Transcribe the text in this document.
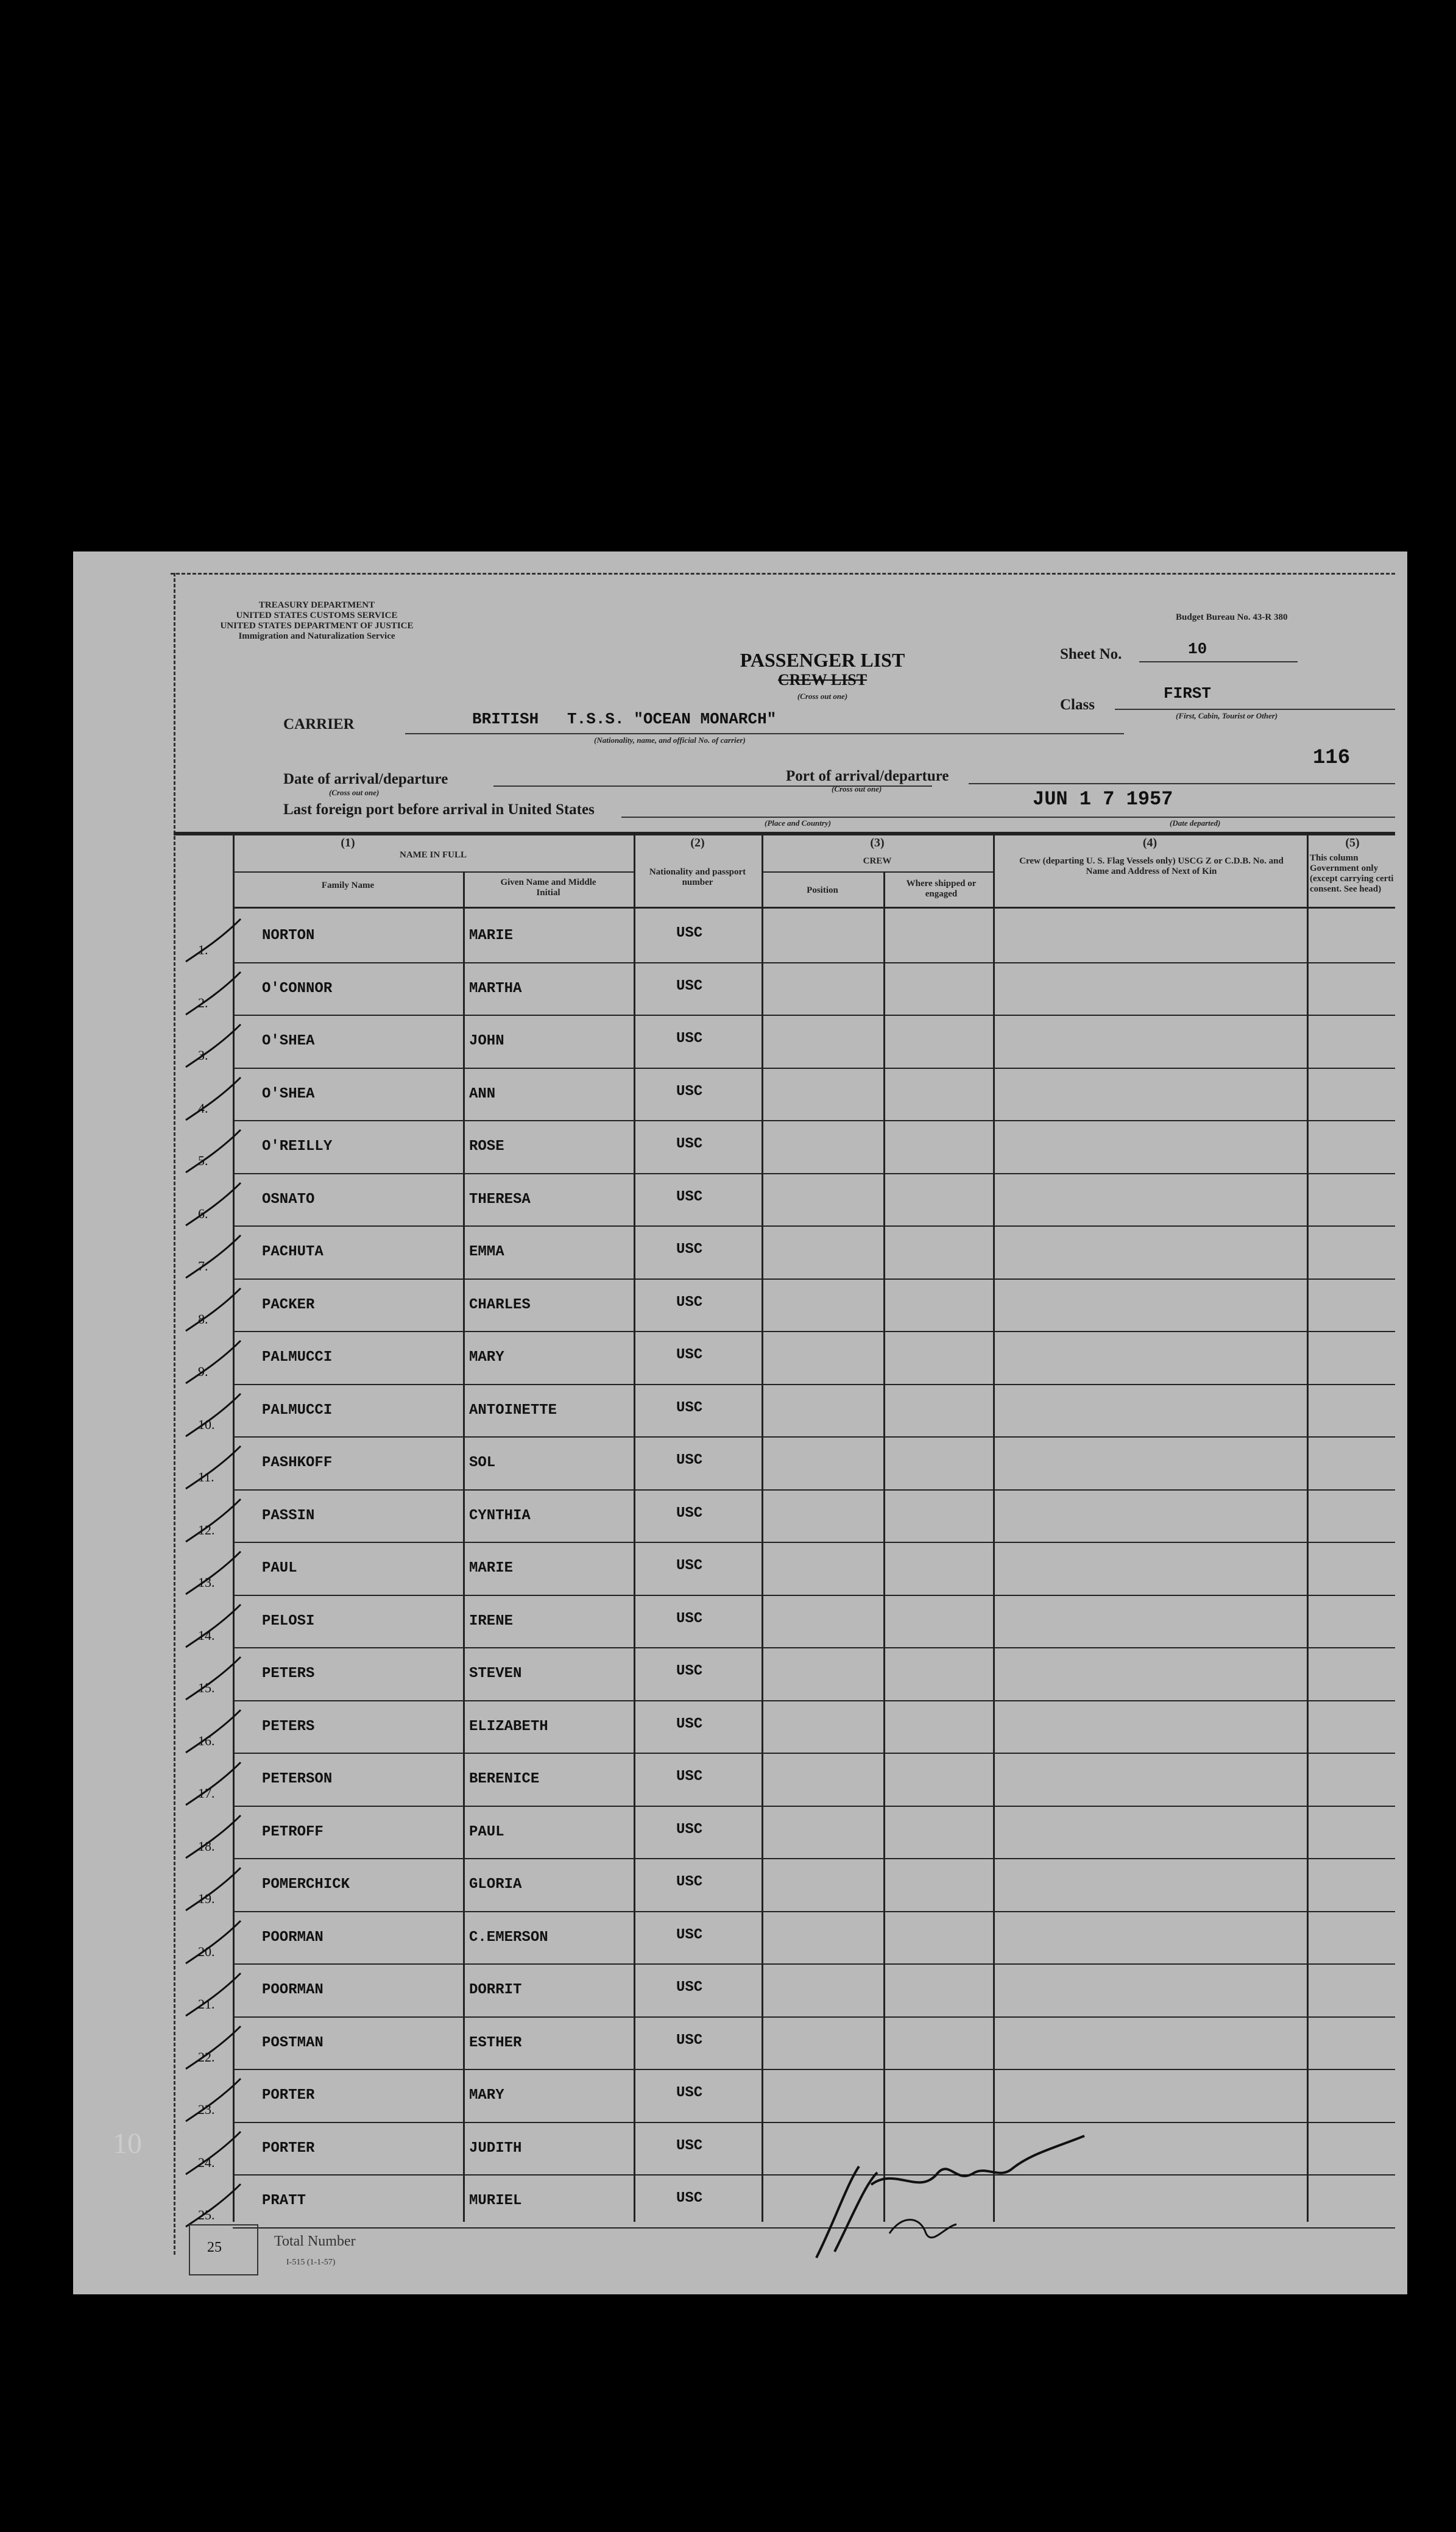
TREASURY DEPARTMENT
UNITED STATES CUSTOMS SERVICE
UNITED STATES DEPARTMENT OF JUSTICE
Immigration and Naturalization Service
Budget Bureau No. 43-R 380
PASSENGER LIST
CREW LIST
(Cross out one)
Sheet No.	10
Class
FIRST
(First, Cabin, Tourist or Other)
CARRIER	BRITISH   T.S.S. "OCEAN MONARCH"
(Nationality, name, and official No. of carrier)
116
Date of arrival/departure
(Cross out one)
Port of arrival/departure
(Cross out one)	JUN 1 7 1957
Last foreign port before arrival in United States
(Place and Country)	(Date departed)
(1)
NAME IN FULL
Family Name	Given Name and Middle Initial
(2)
Nationality and passport number
(3)
CREW
Position
Where shipped or engaged
(4)
Crew (departing U. S. Flag Vessels only) USCG Z or C.D.B. No. and Name and Address of Next of Kin
(5)
This column Government only (except carrying certi consent. See head)
1.
NORTON	MARIE	USC
2.
O'CONNOR	MARTHA	USC
3.
O'SHEA	JOHN	USC
4.
O'SHEA	ANN	USC
5.
O'REILLY	ROSE	USC
6.
OSNATO	THERESA	USC
7.
PACHUTA	EMMA	USC
8.
PACKER	CHARLES	USC
9.
PALMUCCI	MARY	USC
10.
PALMUCCI	ANTOINETTE	USC
11.
PASHKOFF	SOL	USC
12.
PASSIN	CYNTHIA	USC
13.
PAUL	MARIE	USC
14.
PELOSI	IRENE	USC
15.
PETERS	STEVEN	USC
16.
PETERS	ELIZABETH	USC
17.
PETERSON	BERENICE	USC
18.
PETROFF	PAUL	USC
19.
POMERCHICK	GLORIA	USC
20.
POORMAN	C.EMERSON	USC
21.
POORMAN	DORRIT	USC
22.
POSTMAN	ESTHER	USC
23.
PORTER	MARY	USC
24.
PORTER	JUDITH	USC
25.
PRATT	MURIEL	USC
25	Total Number
I-515 (1-1-57)
10
